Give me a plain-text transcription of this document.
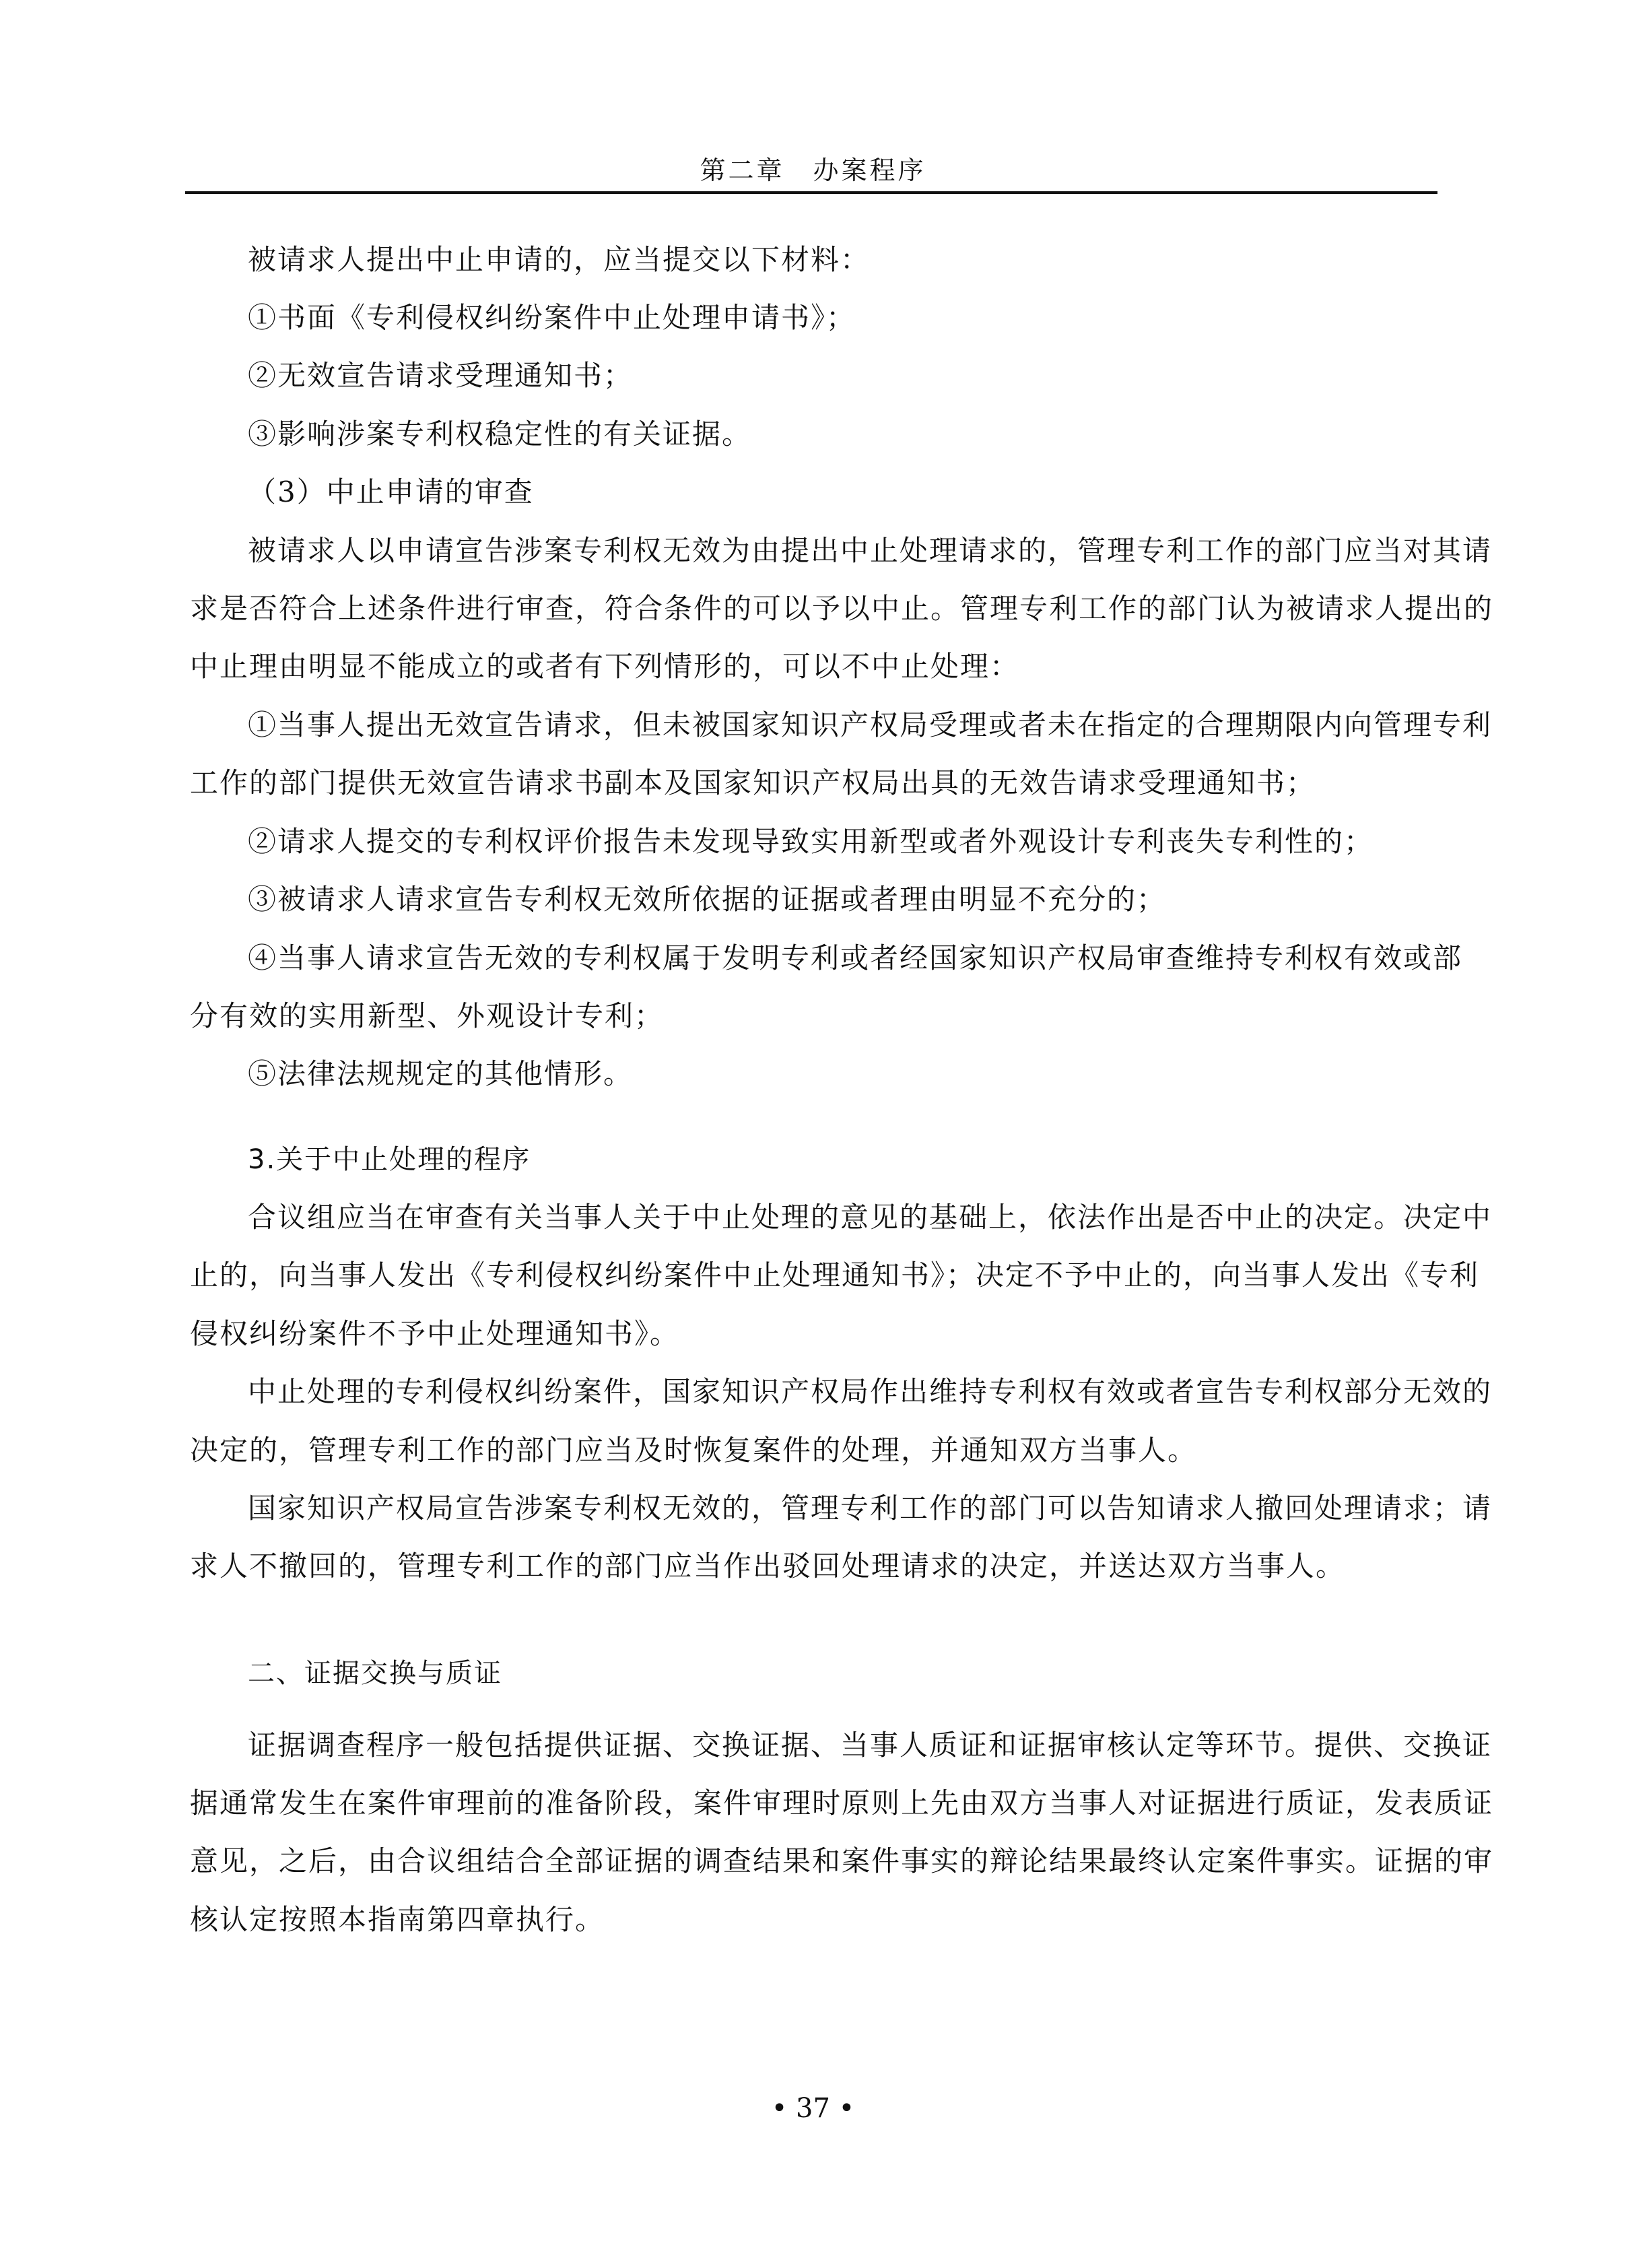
第二章　办案程序
被请求人提出中止申请的，应当提交以下材料：
①书面《专利侵权纠纷案件中止处理申请书》；
②无效宣告请求受理通知书；
③影响涉案专利权稳定性的有关证据。
（3）中止申请的审查
被请求人以申请宣告涉案专利权无效为由提出中止处理请求的，管理专利工作的部门应当对其请
求是否符合上述条件进行审查，符合条件的可以予以中止。管理专利工作的部门认为被请求人提出的
中止理由明显不能成立的或者有下列情形的，可以不中止处理：
①当事人提出无效宣告请求，但未被国家知识产权局受理或者未在指定的合理期限内向管理专利
工作的部门提供无效宣告请求书副本及国家知识产权局出具的无效告请求受理通知书；
②请求人提交的专利权评价报告未发现导致实用新型或者外观设计专利丧失专利性的；
③被请求人请求宣告专利权无效所依据的证据或者理由明显不充分的；
④当事人请求宣告无效的专利权属于发明专利或者经国家知识产权局审查维持专利权有效或部
分有效的实用新型、外观设计专利；
⑤法律法规规定的其他情形。
3.关于中止处理的程序
合议组应当在审查有关当事人关于中止处理的意见的基础上，依法作出是否中止的决定。决定中
止的，向当事人发出《专利侵权纠纷案件中止处理通知书》；决定不予中止的，向当事人发出《专利
侵权纠纷案件不予中止处理通知书》。
中止处理的专利侵权纠纷案件，国家知识产权局作出维持专利权有效或者宣告专利权部分无效的
决定的，管理专利工作的部门应当及时恢复案件的处理，并通知双方当事人。
国家知识产权局宣告涉案专利权无效的，管理专利工作的部门可以告知请求人撤回处理请求；请
求人不撤回的，管理专利工作的部门应当作出驳回处理请求的决定，并送达双方当事人。
二、证据交换与质证
证据调查程序一般包括提供证据、交换证据、当事人质证和证据审核认定等环节。提供、交换证
据通常发生在案件审理前的准备阶段，案件审理时原则上先由双方当事人对证据进行质证，发表质证
意见，之后，由合议组结合全部证据的调查结果和案件事实的辩论结果最终认定案件事实。证据的审
核认定按照本指南第四章执行。
• 37 •
